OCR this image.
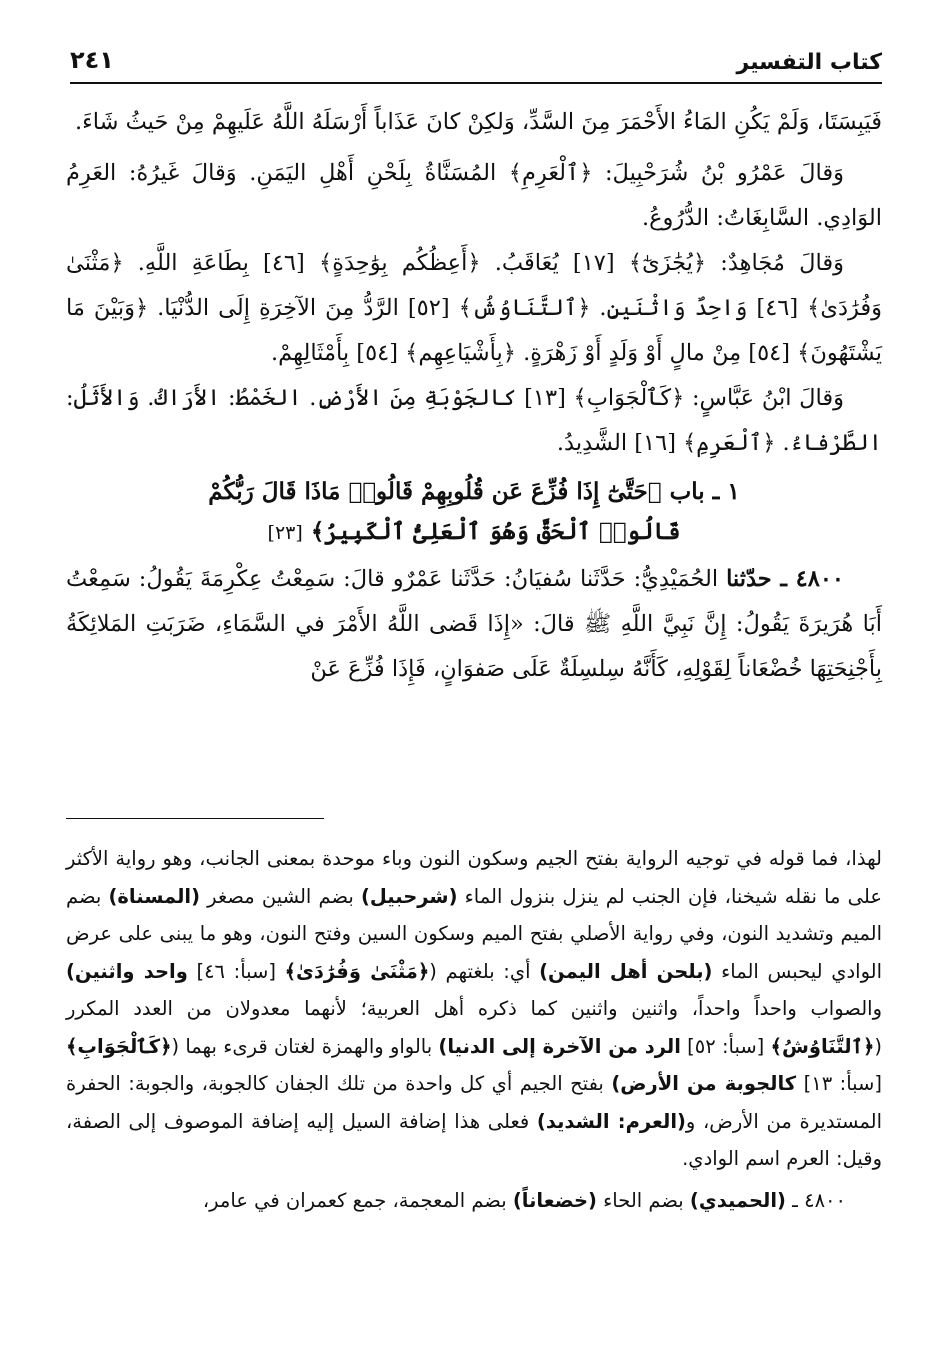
كتاب التفسير
٢٤١

فَيَبِسَتَا، وَلَمْ يَكُنِ المَاءُ الأَحْمَرَ مِنَ السَّدِّ، وَلكِنْ كانَ عَذَاباً أَرْسَلَهُ اللَّهُ عَلَيهِمْ مِنْ حَيثُ شَاءَ.

وَقالَ عَمْرُو بْنُ شُرَحْبِيلَ: ﴿ٱلْعَرِمِ﴾ المُسَنَّاةُ بِلَحْنِ أَهْلِ اليَمَنِ. وَقالَ غَيرُهُ: العَرِمُ الوَادِي. السَّابِغَاتُ: الدُّرُوعُ.

وَقالَ مُجَاهِدٌ: ﴿يُجَٰزَىٰٓ﴾ [١٧] يُعَاقَبُ. ﴿أَعِظُكُم بِوَٰحِدَةٍ﴾ [٤٦] بِطَاعَةِ اللَّهِ. ﴿مَثْنَىٰ وَفُرَٰدَىٰ﴾ [٤٦] وَاحِدٌ وَاثْنَينِ. ﴿ٱلتَّنَاوُشُ﴾ [٥٢] الرَّدُّ مِنَ الآخِرَةِ إِلَى الدُّنْيَا. ﴿وَبَيْنَ مَا يَشْتَهُونَ﴾ [٥٤] مِنْ مالٍ أَوْ وَلَدٍ أَوْ زَهْرَةٍ. ﴿بِأَشْيَاعِهِم﴾ [٥٤] بِأَمْثَالِهِمْ.

وَقالَ ابْنُ عَبَّاسٍ: ﴿كَٱلْجَوَابِ﴾ [١٣] كالجَوْبَةِ مِنَ الأَرْضِ. الخَمْطُ: الأَرَاكُ. وَالأَثَلُ: الطَّرْفاءُ. ﴿ٱلْعَرِمِ﴾ [١٦] الشَّدِيدُ.

١ ـ باب ﴿حَتَّىٰٓ إِذَا فُزِّعَ عَن قُلُوبِهِمْ قَالُوا۟ مَاذَا قَالَ رَبُّكُمْ
قَالُوا۟ ٱلْحَقَّ وَهُوَ ٱلْعَلِىُّ ٱلْكَبِيرُ﴾ [٢٣]

٤٨٠٠ ـ حدّثنا الحُمَيْدِيُّ: حَدَّثَنا سُفيَانُ: حَدَّثَنا عَمْرٌو قالَ: سَمِعْتُ عِكْرِمَةَ يَقُولُ: سَمِعْتُ أَبَا هُرَيرَةَ يَقُولُ: إِنَّ نَبِيَّ اللَّهِ ﷺ قالَ: «إِذَا قَضى اللَّهُ الأَمْرَ في السَّمَاءِ، ضَرَبَتِ المَلائِكَةُ بِأَجْنِحَتِهَا خُضْعَاناً لِقَوْلِهِ، كَأَنَّهُ سِلسِلَةٌ عَلَى صَفوَانٍ، فَإِذَا فُزِّعَ عَنْ

لهذا، فما قوله في توجيه الرواية بفتح الجيم وسكون النون وباء موحدة بمعنى الجانب، وهو رواية الأكثر على ما نقله شيخنا، فإن الجنب لم ينزل بنزول الماء (شرحبيل) بضم الشين مصغر (المسناة) بضم الميم وتشديد النون، وفي رواية الأصلي بفتح الميم وسكون السين وفتح النون، وهو ما يبنى على عرض الوادي ليحبس الماء (بلحن أهل اليمن) أي: بلغتهم (﴿مَثْنَىٰ وَفُرَٰدَىٰ﴾ [سبأ: ٤٦] واحد واثنين) والصواب واحداً واحداً، واثنين واثنين كما ذكره أهل العربية؛ لأنهما معدولان من العدد المكرر (﴿ٱلتَّنَاوُشُ﴾ [سبأ: ٥٢] الرد من الآخرة إلى الدنيا) بالواو والهمزة لغتان قرىء بهما (﴿كَٱلْجَوَابِ﴾ [سبأ: ١٣] كالجوبة من الأرض) بفتح الجيم أي كل واحدة من تلك الجفان كالجوبة، والجوبة: الحفرة المستديرة من الأرض، و(العرم: الشديد) فعلى هذا إضافة السيل إليه إضافة الموصوف إلى الصفة، وقيل: العرم اسم الوادي.

٤٨٠٠ ـ (الحميدي) بضم الحاء (خضعاناً) بضم المعجمة، جمع كعمران في عامر،
